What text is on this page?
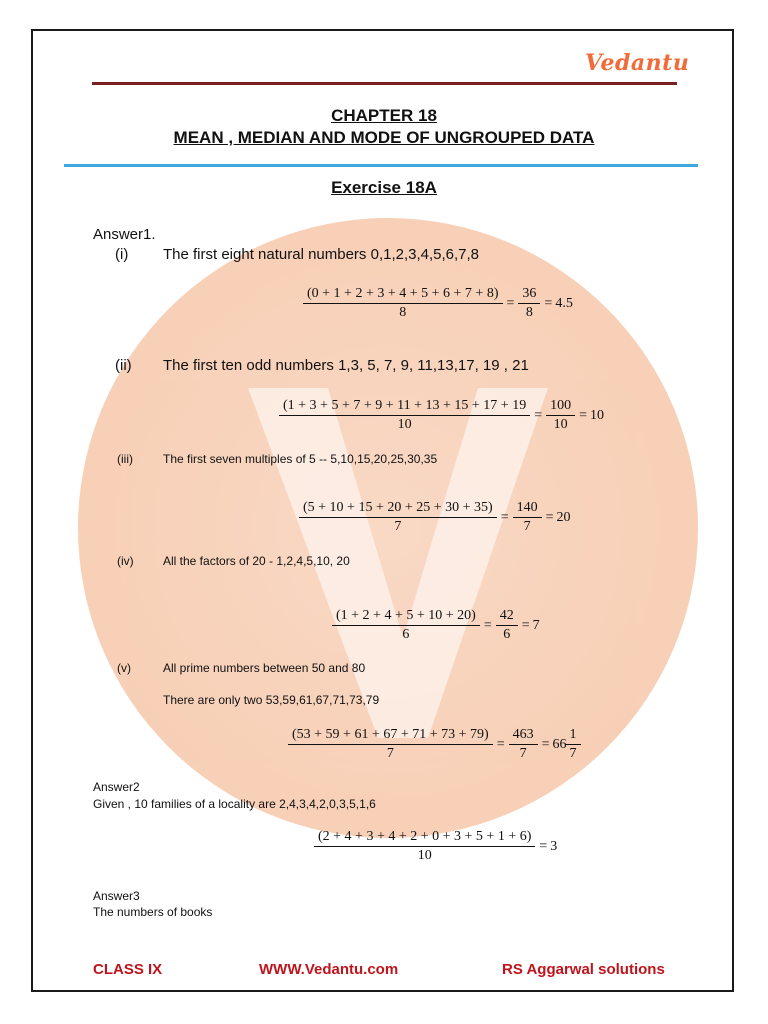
Vedantu
CHAPTER 18
MEAN , MEDIAN AND MODE OF UNGROUPED DATA
Exercise 18A
Answer1.
(i) The first eight natural numbers 0,1,2,3,4,5,6,7,8
$\frac{(0 + 1 + 2 + 3 + 4 + 5 + 6 + 7 + 8)}{8} = \frac{36}{8} = 4.5$
(ii) The first ten odd numbers 1,3, 5, 7, 9, 11,13,17, 19 , 21
$\frac{(1 + 3 + 5 + 7 + 9 + 11 + 13 + 15 + 17 + 19}{10} = \frac{100}{10} = 10$
(iii)	The first seven multiples of 5 -- 5,10,15,20,25,30,35
$\frac{(5 + 10 + 15 + 20 + 25 + 30 + 35)}{7} = \frac{140}{7} = 20$
(iv) All the factors of 20 - 1,2,4,5,10, 20
$\frac{(1 + 2 + 4 + 5 + 10 + 20)}{6} = \frac{42}{6} = 7$
(v)	All prime numbers between 50 and 80
There are only two 53,59,61,67,71,73,79
$\frac{(53 + 59 + 61 + 67 + 71 + 73 + 79)}{7} = \frac{463}{7} = 66 \frac{1}{7}$
Answer2
Given , 10 families of a locality are 2,4,3,4,2,0,3,5,1,6
$\frac{(2 + 4 + 3 + 4 + 2 + 0 + 3 + 5 + 1 + 6)}{10} = 3$
Answer3
The numbers of books
CLASS IX	WWW.Vedantu.com	RS Aggarwal solutions
